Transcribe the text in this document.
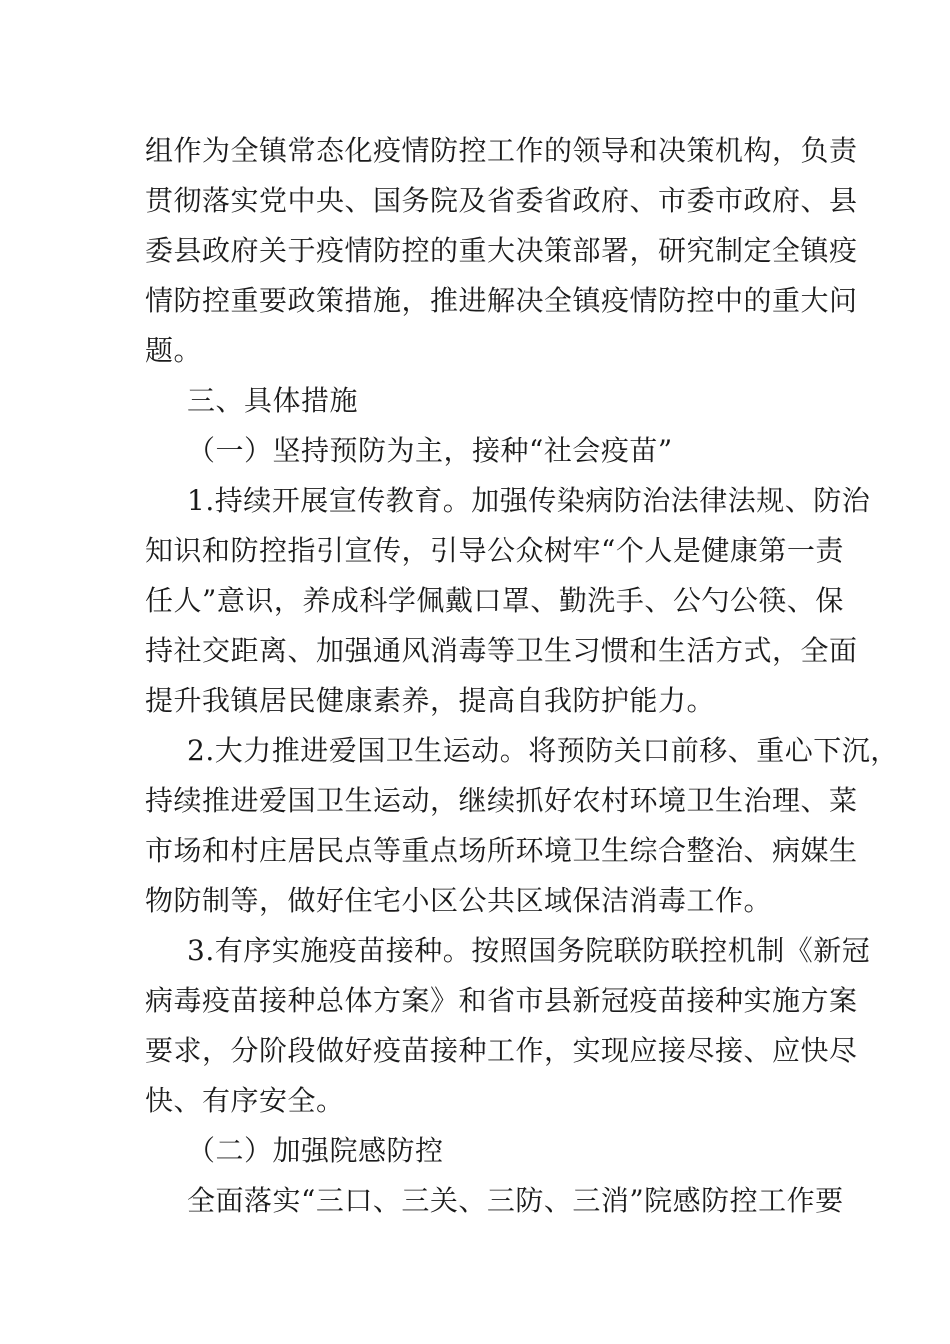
组作为全镇常态化疫情防控工作的领导和决策机构，负责

贯彻落实党中央、国务院及省委省政府、市委市政府、县

委县政府关于疫情防控的重大决策部署，研究制定全镇疫

情防控重要政策措施，推进解决全镇疫情防控中的重大问

题。

三、具体措施

（一）坚持预防为主，接种“社会疫苗”

1.持续开展宣传教育。加强传染病防治法律法规、防治

知识和防控指引宣传，引导公众树牢“个人是健康第一责

任人”意识，养成科学佩戴口罩、勤洗手、公勺公筷、保

持社交距离、加强通风消毒等卫生习惯和生活方式，全面

提升我镇居民健康素养，提高自我防护能力。

2.大力推进爱国卫生运动。将预防关口前移、重心下沉，

持续推进爱国卫生运动，继续抓好农村环境卫生治理、菜

市场和村庄居民点等重点场所环境卫生综合整治、病媒生

物防制等，做好住宅小区公共区域保洁消毒工作。

3.有序实施疫苗接种。按照国务院联防联控机制《新冠

病毒疫苗接种总体方案》和省市县新冠疫苗接种实施方案

要求，分阶段做好疫苗接种工作，实现应接尽接、应快尽

快、有序安全。

（二）加强院感防控

全面落实“三口、三关、三防、三消”院感防控工作要
